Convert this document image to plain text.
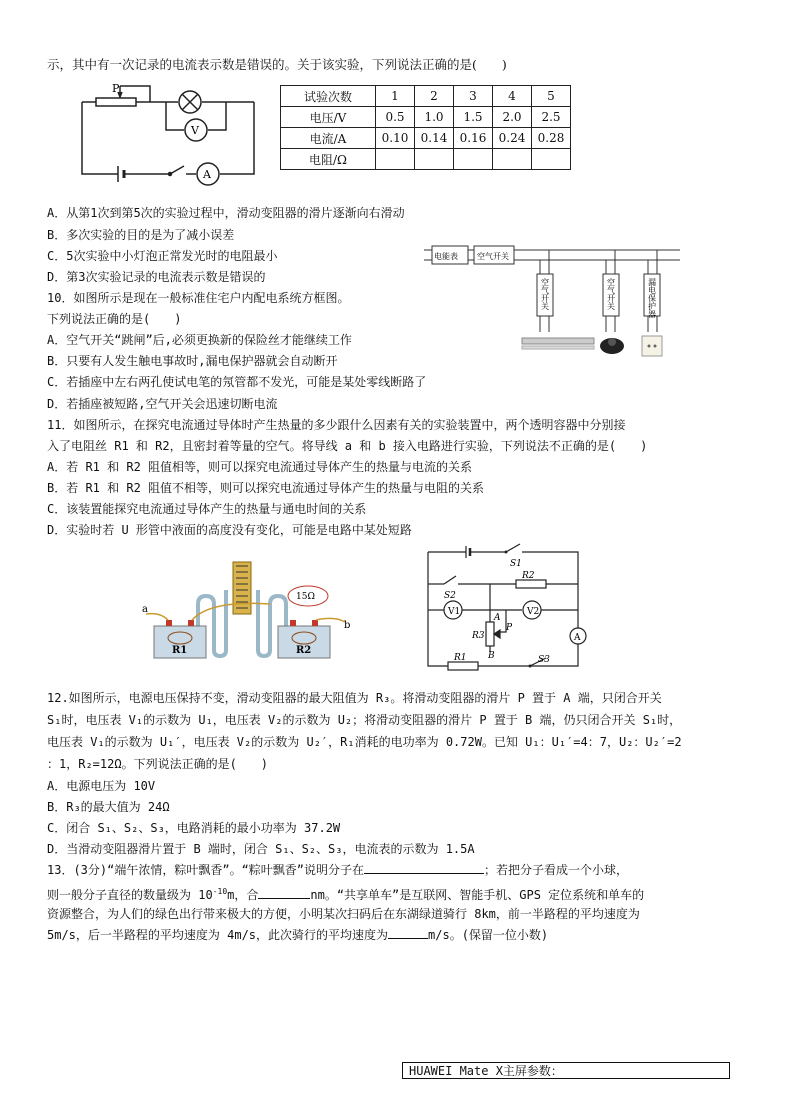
示，其中有一次记录的电流表示数是错误的。关于该实验，下列说法正确的是(　　)
P
V
A
试验次数	1	2	3	4	5
电压/V	0.5	1.0	1.5	2.0	2.5
电流/A	0.10	0.14	0.16	0.24	0.28
电阻/Ω					
A．从第1次到第5次的实验过程中，滑动变阻器的滑片逐渐向右滑动
B．多次实验的目的是为了减小误差
C．5次实验中小灯泡正常发光时的电阻最小
D．第3次实验记录的电流表示数是错误的
10．如图所示是现在一般标准住宅户内配电系统方框图。
下列说法正确的是(　　)
A．空气开关“跳闸”后,必须更换新的保险丝才能继续工作
B．只要有人发生触电事故时,漏电保护器就会自动断开
C．若插座中左右两孔使试电笔的氖管都不发光，可能是某处零线断路了
D．若插座被短路,空气开关会迅速切断电流
电能表 空气开关
空气开关	空气开关	漏电保护器
11．如图所示，在探究电流通过导体时产生热量的多少跟什么因素有关的实验装置中，两个透明容器中分别接
入了电阻丝 R1 和 R2，且密封着等量的空气。将导线 a 和 b 接入电路进行实验，下列说法不正确的是(　　)
A．若 R1 和 R2 阻值相等，则可以探究电流通过导体产生的热量与电流的关系
B．若 R1 和 R2 阻值不相等，则可以探究电流通过导体产生的热量与电阻的关系
C．该装置能探究电流通过导体产生的热量与通电时间的关系
D．实验时若 U 形管中液面的高度没有变化，可能是电路中某处短路
a
b
R1	R2
15Ω
S1
S2
S3
R1
R2
R3
V1	V2
A
P
A
B
12.如图所示，电源电压保持不变，滑动变阻器的最大阻值为 R₃。将滑动变阻器的滑片 P 置于 A 端，只闭合开关
S₁时，电压表 V₁的示数为 U₁，电压表 V₂的示数为 U₂；将滑动变阻器的滑片 P 置于 B 端，仍只闭合开关 S₁时，
电压表 V₁的示数为 U₁′，电压表 V₂的示数为 U₂′，R₁消耗的电功率为 0.72W。已知 U₁：U₁′=4：7，U₂：U₂′=2
：1，R₂=12Ω。下列说法正确的是(　　)
A．电源电压为 10V
B．R₃的最大值为 24Ω
C．闭合 S₁、S₂、S₃，电路消耗的最小功率为 37.2W
D．当滑动变阻器滑片置于 B 端时，闭合 S₁、S₂、S₃，电流表的示数为 1.5A
13．(3分)“端午浓情，粽叶飘香”。“粽叶飘香”说明分子在	；若把分子看成一个小球，
则一般分子直径的数量级为 $10^{-10}m$，合	nm。“共享单车”是互联网、智能手机、GPS 定位系统和单车的
资源整合，为人们的绿色出行带来极大的方便，小明某次扫码后在东湖绿道骑行 8km，前一半路程的平均速度为
5m/s，后一半路程的平均速度为 4m/s，此次骑行的平均速度为	m/s。(保留一位小数)
HUAWEI Mate X主屏参数：
